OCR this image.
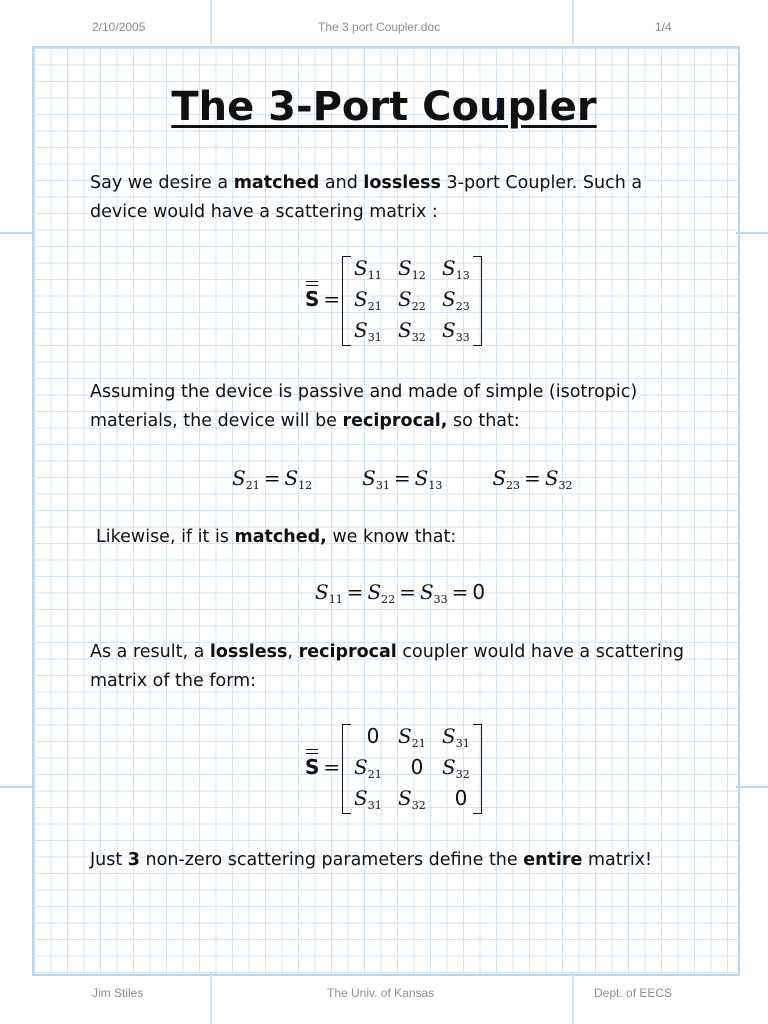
2/10/2005	The 3 port Coupler.doc	1/4
The 3-Port Coupler
Say we desire a matched and lossless 3-port Coupler. Such a device would have a scattering matrix :
S =
$S_{11}$ $S_{12}$ $S_{13}$
$S_{21}$ $S_{22}$ $S_{23}$
$S_{31}$ $S_{32}$ $S_{33}$
Assuming the device is passive and made of simple (isotropic) materials, the device will be reciprocal, so that:
$S_{21} = S_{12}$	$S_{31} = S_{13}$	$S_{23} = S_{32}$
Likewise, if it is matched, we know that:
$S_{11} = S_{22} = S_{33} = 0$
As a result, a lossless, reciprocal coupler would have a scattering matrix of the form:
S =
0 $S_{21}$ $S_{31}$
$S_{21}$	0 $S_{32}$
$S_{31}$ $S_{32}$	0
Just 3 non-zero scattering parameters define the entire matrix!
Jim Stiles	The Univ. of Kansas	Dept. of EECS
